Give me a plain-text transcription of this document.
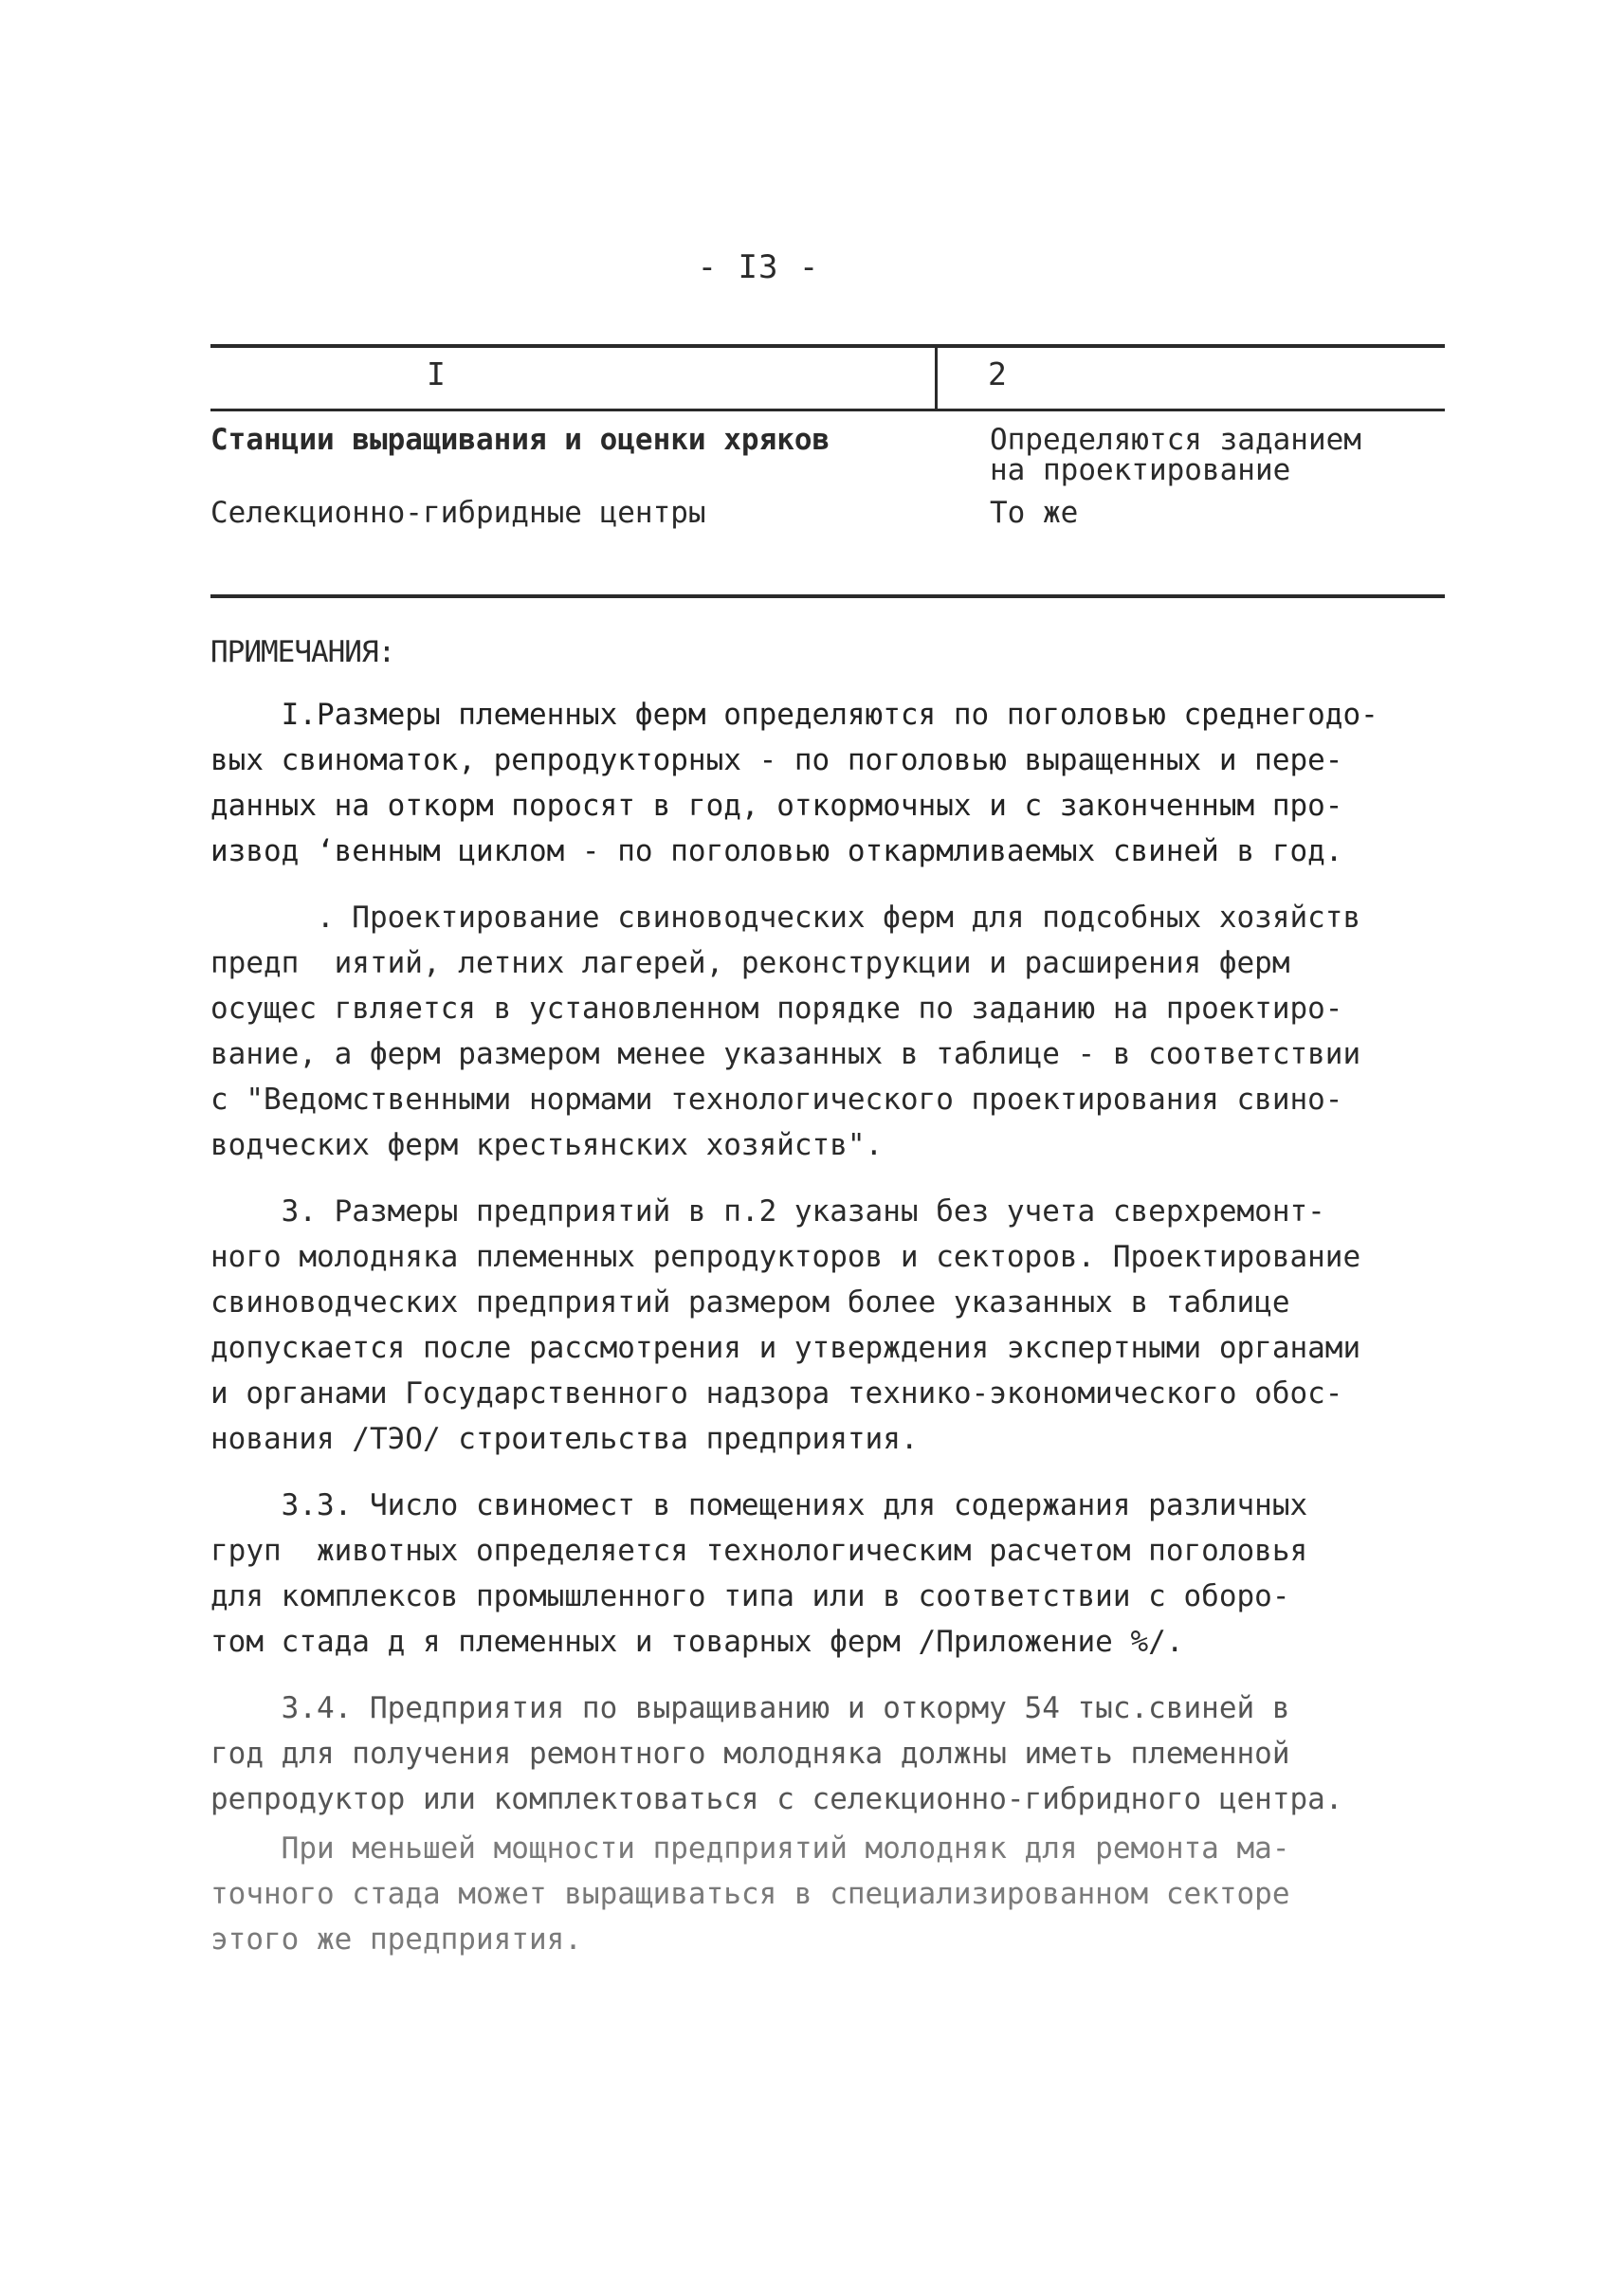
- I3 -
I	2
Станции выращивания и оценки хряков	Определяются заданием
на проектирование
Селекционно-гибридные центры	То же
ПРИМЕЧАНИЯ:
I.Размеры племенных ферм определяются по поголовью среднегодо-
вых свиноматок, репродукторных - по поголовью выращенных и пере-
данных на откорм поросят в год, откормочных и с законченным про-
извод ‘венным циклом - по поголовью откармливаемых свиней в год.
. Проектирование свиноводческих ферм для подсобных хозяйств
предп  иятий, летних лагерей, реконструкции и расширения ферм
осущес гвляется в установленном порядке по заданию на проектиро-
вание, а ферм размером менее указанных в таблице - в соответствии
с "Ведомственными нормами технологического проектирования свино-
водческих ферм крестьянских хозяйств".
3. Размеры предприятий в п.2 указаны без учета сверхремонт-
ного молодняка племенных репродукторов и секторов. Проектирование
свиноводческих предприятий размером более указанных в таблице
допускается после рассмотрения и утверждения экспертными органами
и органами Государственного надзора технико-экономического обос-
нования /ТЭО/ строительства предприятия.
3.3. Число свиномест в помещениях для содержания различных
груп  животных определяется технологическим расчетом поголовья
для комплексов промышленного типа или в соответствии с оборо-
том стада д я племенных и товарных ферм /Приложение %/.
3.4. Предприятия по выращиванию и откорму 54 тыс.свиней в
год для получения ремонтного молодняка должны иметь племенной
репродуктор или комплектоваться с селекционно-гибридного центра.
При меньшей мощности предприятий молодняк для ремонта ма-
точного стада может выращиваться в специализированном секторе
этого же предприятия.
